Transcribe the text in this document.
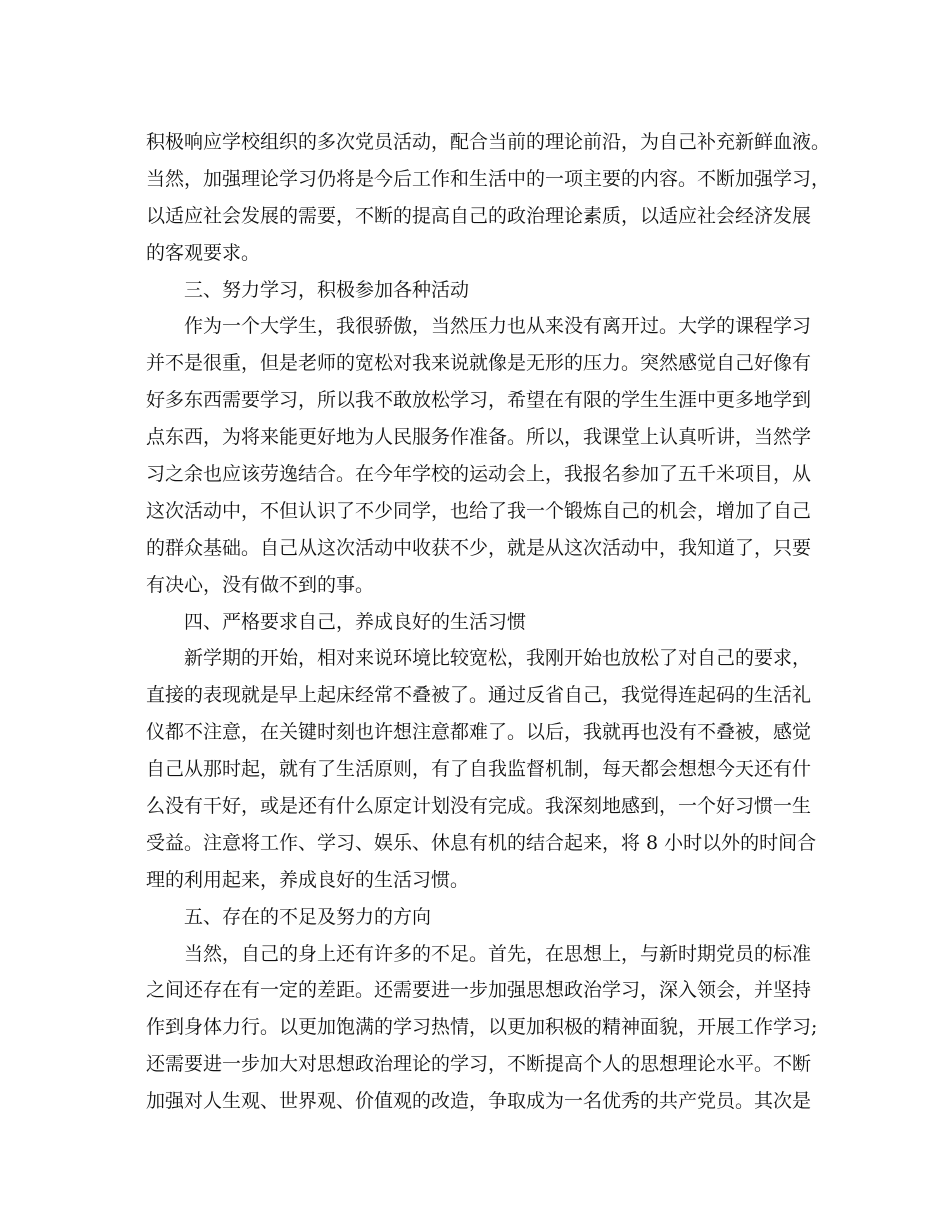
积极响应学校组织的多次党员活动，配合当前的理论前沿，为自己补充新鲜血液。
当然，加强理论学习仍将是今后工作和生活中的一项主要的内容。不断加强学习，
以适应社会发展的需要，不断的提高自己的政治理论素质，以适应社会经济发展
的客观要求。
三、努力学习，积极参加各种活动
作为一个大学生，我很骄傲，当然压力也从来没有离开过。大学的课程学习
并不是很重，但是老师的宽松对我来说就像是无形的压力。突然感觉自己好像有
好多东西需要学习，所以我不敢放松学习，希望在有限的学生生涯中更多地学到
点东西，为将来能更好地为人民服务作准备。所以，我课堂上认真听讲，当然学
习之余也应该劳逸结合。在今年学校的运动会上，我报名参加了五千米项目，从
这次活动中，不但认识了不少同学，也给了我一个锻炼自己的机会，增加了自己
的群众基础。自己从这次活动中收获不少，就是从这次活动中，我知道了，只要
有决心，没有做不到的事。
四、严格要求自己，养成良好的生活习惯
新学期的开始，相对来说环境比较宽松，我刚开始也放松了对自己的要求，
直接的表现就是早上起床经常不叠被了。通过反省自己，我觉得连起码的生活礼
仪都不注意，在关键时刻也许想注意都难了。以后，我就再也没有不叠被，感觉
自己从那时起，就有了生活原则，有了自我监督机制，每天都会想想今天还有什
么没有干好，或是还有什么原定计划没有完成。我深刻地感到，一个好习惯一生
受益。注意将工作、学习、娱乐、休息有机的结合起来，将 8 小时以外的时间合
理的利用起来，养成良好的生活习惯。
五、存在的不足及努力的方向
当然，自己的身上还有许多的不足。首先，在思想上，与新时期党员的标准
之间还存在有一定的差距。还需要进一步加强思想政治学习，深入领会，并坚持
作到身体力行。以更加饱满的学习热情，以更加积极的精神面貌，开展工作学习;
还需要进一步加大对思想政治理论的学习，不断提高个人的思想理论水平。不断
加强对人生观、世界观、价值观的改造，争取成为一名优秀的共产党员。其次是
